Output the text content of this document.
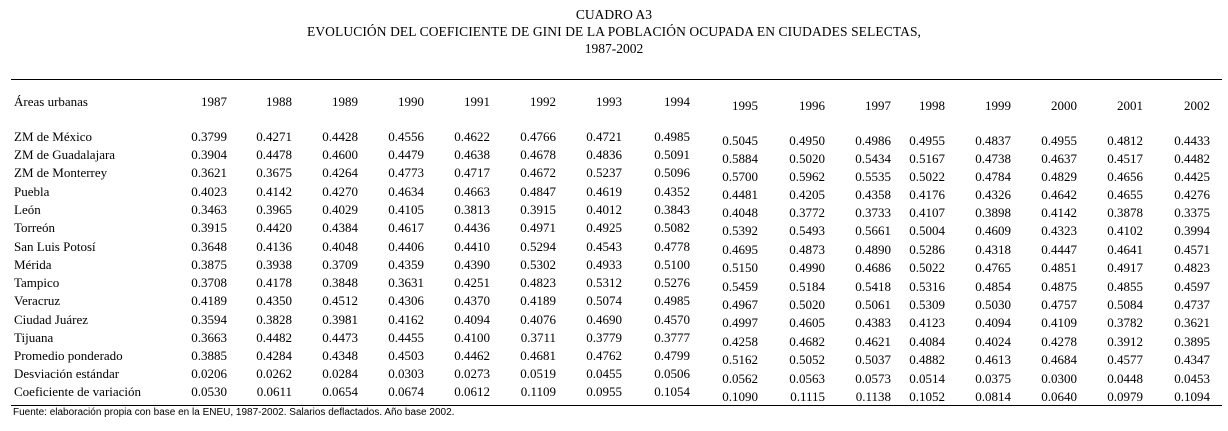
CUADRO A3
EVOLUCIÓN DEL COEFICIENTE DE GINI DE LA POBLACIÓN OCUPADA EN CIUDADES SELECTAS,
1987-2002
Áreas urbanas	1987	1988	1989	1990	1991	1992	1993	1994	1995	1996	1997	1998	1999	2000	2001	2002
ZM de México	0.3799	0.4271	0.4428	0.4556	0.4622	0.4766	0.4721	0.4985	0.5045	0.4950	0.4986	0.4955	0.4837	0.4955	0.4812	0.4433
ZM de Guadalajara	0.3904	0.4478	0.4600	0.4479	0.4638	0.4678	0.4836	0.5091	0.5884	0.5020	0.5434	0.5167	0.4738	0.4637	0.4517	0.4482
ZM de Monterrey	0.3621	0.3675	0.4264	0.4773	0.4717	0.4672	0.5237	0.5096	0.5700	0.5962	0.5535	0.5022	0.4784	0.4829	0.4656	0.4425
Puebla	0.4023	0.4142	0.4270	0.4634	0.4663	0.4847	0.4619	0.4352	0.4481	0.4205	0.4358	0.4176	0.4326	0.4642	0.4655	0.4276
León	0.3463	0.3965	0.4029	0.4105	0.3813	0.3915	0.4012	0.3843	0.4048	0.3772	0.3733	0.4107	0.3898	0.4142	0.3878	0.3375
Torreón	0.3915	0.4420	0.4384	0.4617	0.4436	0.4971	0.4925	0.5082	0.5392	0.5493	0.5661	0.5004	0.4609	0.4323	0.4102	0.3994
San Luis Potosí	0.3648	0.4136	0.4048	0.4406	0.4410	0.5294	0.4543	0.4778	0.4695	0.4873	0.4890	0.5286	0.4318	0.4447	0.4641	0.4571
Mérida	0.3875	0.3938	0.3709	0.4359	0.4390	0.5302	0.4933	0.5100	0.5150	0.4990	0.4686	0.5022	0.4765	0.4851	0.4917	0.4823
Tampico	0.3708	0.4178	0.3848	0.3631	0.4251	0.4823	0.5312	0.5276	0.5459	0.5184	0.5418	0.5316	0.4854	0.4875	0.4855	0.4597
Veracruz	0.4189	0.4350	0.4512	0.4306	0.4370	0.4189	0.5074	0.4985	0.4967	0.5020	0.5061	0.5309	0.5030	0.4757	0.5084	0.4737
Ciudad Juárez	0.3594	0.3828	0.3981	0.4162	0.4094	0.4076	0.4690	0.4570	0.4997	0.4605	0.4383	0.4123	0.4094	0.4109	0.3782	0.3621
Tijuana	0.3663	0.4482	0.4473	0.4455	0.4100	0.3711	0.3779	0.3777	0.4258	0.4682	0.4621	0.4084	0.4024	0.4278	0.3912	0.3895
Promedio ponderado	0.3885	0.4284	0.4348	0.4503	0.4462	0.4681	0.4762	0.4799	0.5162	0.5052	0.5037	0.4882	0.4613	0.4684	0.4577	0.4347
Desviación estándar	0.0206	0.0262	0.0284	0.0303	0.0273	0.0519	0.0455	0.0506	0.0562	0.0563	0.0573	0.0514	0.0375	0.0300	0.0448	0.0453
Coeficiente de variación	0.0530	0.0611	0.0654	0.0674	0.0612	0.1109	0.0955	0.1054	0.1090	0.1115	0.1138	0.1052	0.0814	0.0640	0.0979	0.1094
Fuente: elaboración propia con base en la ENEU, 1987-2002. Salarios deflactados. Año base 2002.
